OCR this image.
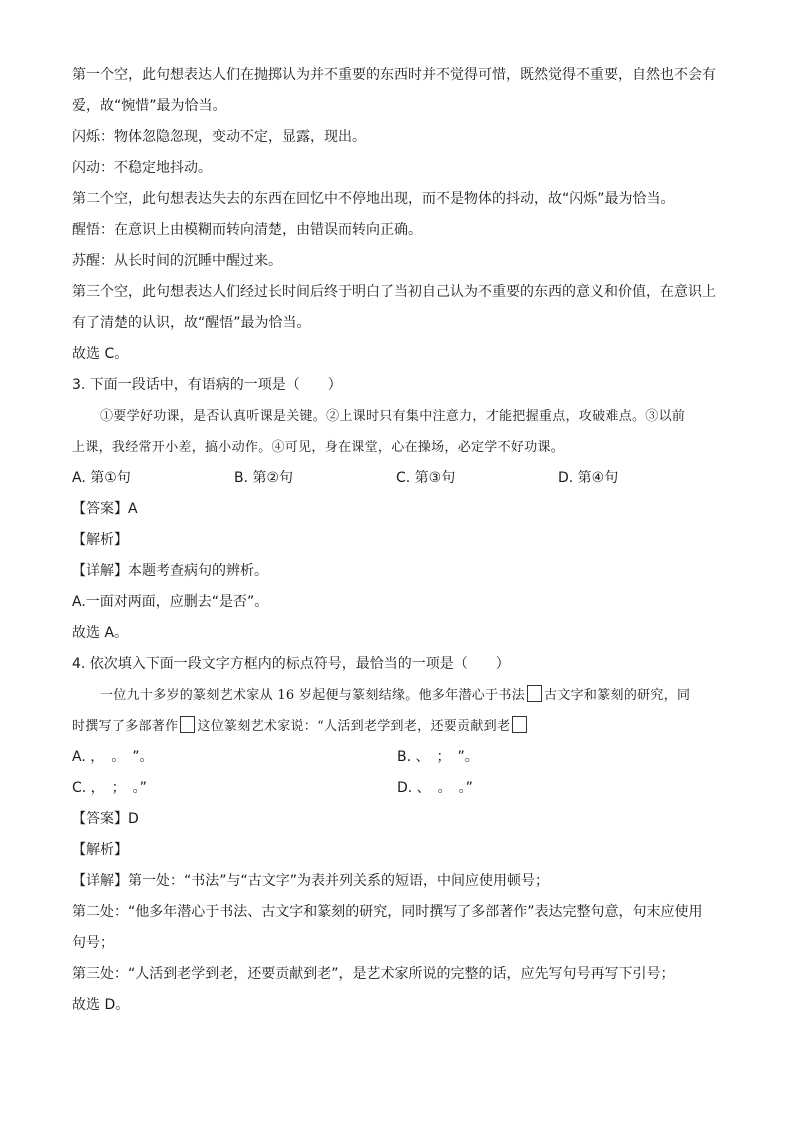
第一个空，此句想表达人们在抛掷认为并不重要的东西时并不觉得可惜，既然觉得不重要，自然也不会有
爱，故“惋惜”最为恰当。
闪烁：物体忽隐忽现，变动不定，显露，现出。
闪动：不稳定地抖动。
第二个空，此句想表达失去的东西在回忆中不停地出现，而不是物体的抖动，故“闪烁”最为恰当。
醒悟：在意识上由模糊而转向清楚，由错误而转向正确。
苏醒：从长时间的沉睡中醒过来。
第三个空，此句想表达人们经过长时间后终于明白了当初自己认为不重要的东西的意义和价值，在意识上
有了清楚的认识，故“醒悟”最为恰当。
故选 C。
3. 下面一段话中，有语病的一项是（　　）
①要学好功课，是否认真听课是关键。②上课时只有集中注意力，才能把握重点，攻破难点。③以前
上课，我经常开小差，搞小动作。④可见，身在课堂，心在操场，必定学不好功课。
A. 第①句	B. 第②句	C. 第③句	D. 第④句
【答案】A
【解析】
【详解】本题考查病句的辨析。
A.一面对两面，应删去“是否”。
故选 A。
4. 依次填入下面一段文字方框内的标点符号，最恰当的一项是（　　）
一位九十多岁的篆刻艺术家从 16 岁起便与篆刻结缘。他多年潜心于书法 古文字和篆刻的研究，同
时撰写了多部著作 这位篆刻艺术家说：“人活到老学到老，还要贡献到老
A. ，　。　”。	B. 、　；　”。
C. ，　；　。”	D. 、　。　。”
【答案】D
【解析】
【详解】第一处：“书法”与“古文字”为表并列关系的短语，中间应使用顿号；
第二处：“他多年潜心于书法、古文字和篆刻的研究，同时撰写了多部著作”表达完整句意，句末应使用
句号；
第三处：“人活到老学到老，还要贡献到老”，是艺术家所说的完整的话，应先写句号再写下引号；
故选 D。
